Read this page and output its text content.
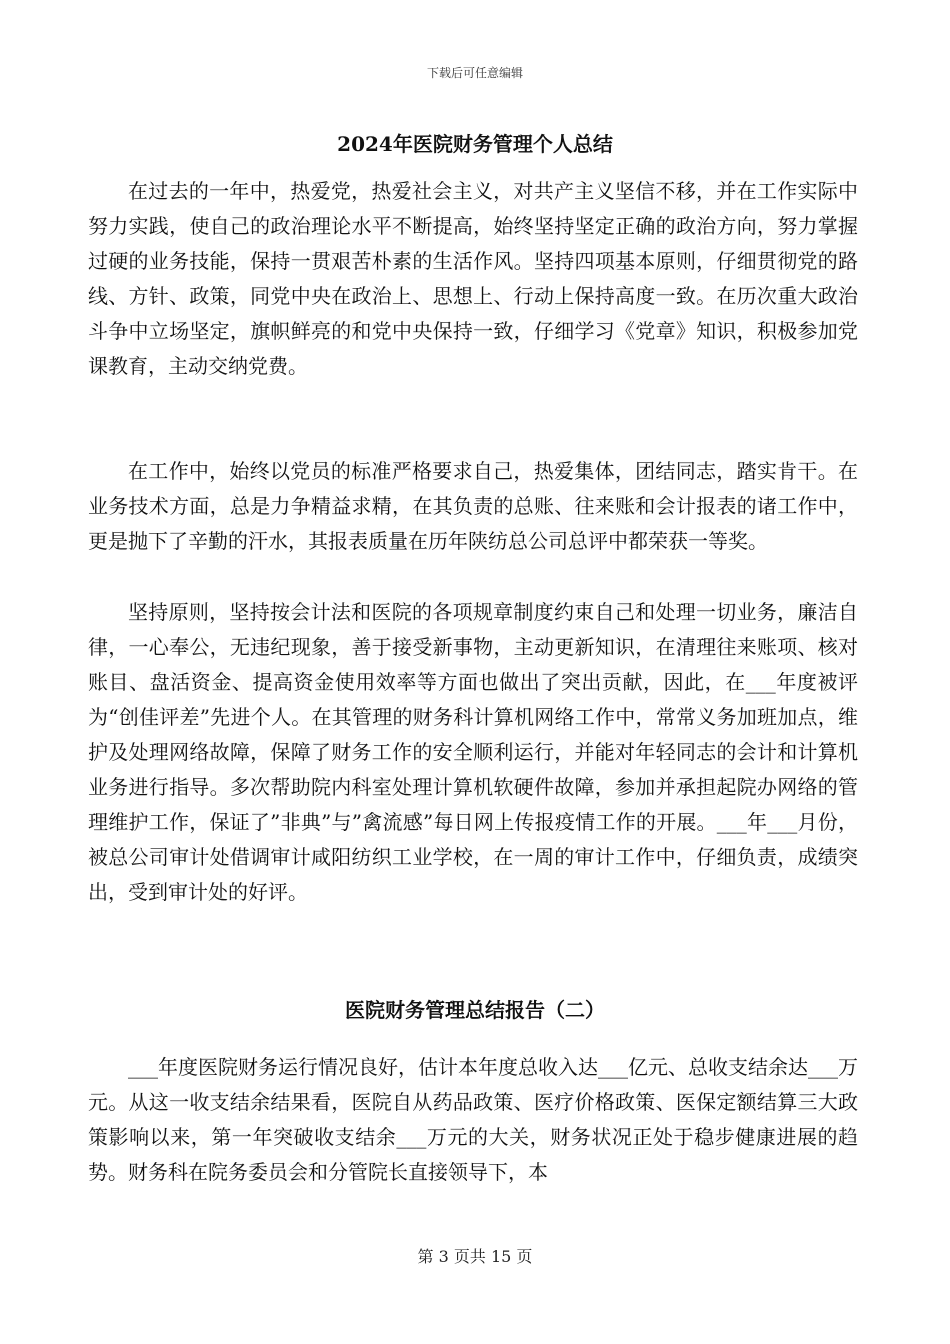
下载后可任意编辑
2024年医院财务管理个人总结

在过去的一年中，热爱党，热爱社会主义，对共产主义坚信不移，并在工作实际中努力实践，使自己的政治理论水平不断提高，始终坚持坚定正确的政治方向，努力掌握过硬的业务技能，保持一贯艰苦朴素的生活作风。坚持四项基本原则，仔细贯彻党的路线、方针、政策，同党中央在政治上、思想上、行动上保持高度一致。在历次重大政治斗争中立场坚定，旗帜鲜亮的和党中央保持一致，仔细学习《党章》知识，积极参加党课教育，主动交纳党费。

在工作中，始终以党员的标准严格要求自己，热爱集体，团结同志，踏实肯干。在业务技术方面，总是力争精益求精，在其负责的总账、往来账和会计报表的诸工作中，更是抛下了辛勤的汗水，其报表质量在历年陕纺总公司总评中都荣获一等奖。

坚持原则，坚持按会计法和医院的各项规章制度约束自己和处理一切业务，廉洁自律，一心奉公，无违纪现象，善于接受新事物，主动更新知识，在清理往来账项、核对账目、盘活资金、提高资金使用效率等方面也做出了突出贡献，因此，在___年度被评为“创佳评差”先进个人。在其管理的财务科计算机网络工作中，常常义务加班加点，维护及处理网络故障，保障了财务工作的安全顺利运行，并能对年轻同志的会计和计算机业务进行指导。多次帮助院内科室处理计算机软硬件故障，参加并承担起院办网络的管理维护工作，保证了”非典”与”禽流感”每日网上传报疫情工作的开展。___年___月份，被总公司审计处借调审计咸阳纺织工业学校，在一周的审计工作中，仔细负责，成绩突出，受到审计处的好评。

医院财务管理总结报告（二）

___年度医院财务运行情况良好，估计本年度总收入达___亿元、总收支结余达___万元。从这一收支结余结果看，医院自从药品政策、医疗价格政策、医保定额结算三大政策影响以来，第一年突破收支结余___万元的大关，财务状况正处于稳步健康进展的趋势。财务科在院务委员会和分管院长直接领导下，本

第 3 页共 15 页
